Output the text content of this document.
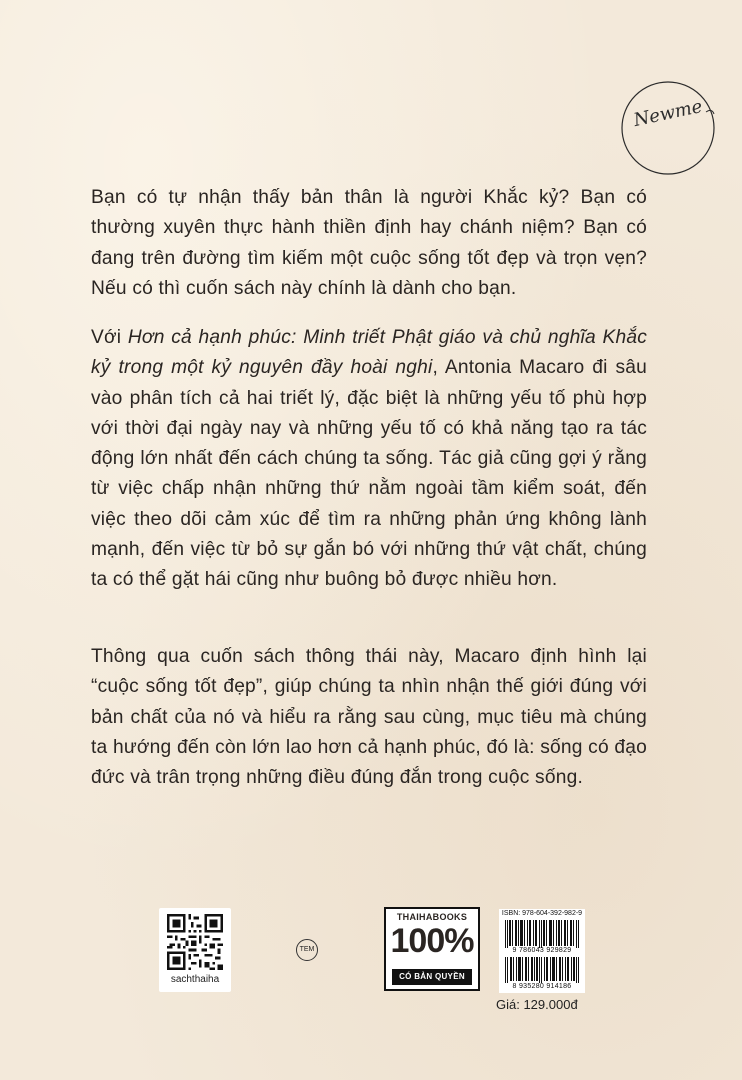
Newme

Bạn có tự nhận thấy bản thân là người Khắc kỷ? Bạn có thường xuyên thực hành thiền định hay chánh niệm? Bạn có đang trên đường tìm kiếm một cuộc sống tốt đẹp và trọn vẹn? Nếu có thì cuốn sách này chính là dành cho bạn.

Với Hơn cả hạnh phúc: Minh triết Phật giáo và chủ nghĩa Khắc kỷ trong một kỷ nguyên đầy hoài nghi, Antonia Macaro đi sâu vào phân tích cả hai triết lý, đặc biệt là những yếu tố phù hợp với thời đại ngày nay và những yếu tố có khả năng tạo ra tác động lớn nhất đến cách chúng ta sống. Tác giả cũng gợi ý rằng từ việc chấp nhận những thứ nằm ngoài tầm kiểm soát, đến việc theo dõi cảm xúc để tìm ra những phản ứng không lành mạnh, đến việc từ bỏ sự gắn bó với những thứ vật chất, chúng ta có thể gặt hái cũng như buông bỏ được nhiều hơn.

Thông qua cuốn sách thông thái này, Macaro định hình lại “cuộc sống tốt đẹp”, giúp chúng ta nhìn nhận thế giới đúng với bản chất của nó và hiểu ra rằng sau cùng, mục tiêu mà chúng ta hướng đến còn lớn lao hơn cả hạnh phúc, đó là: sống có đạo đức và trân trọng những điều đúng đắn trong cuộc sống.

sachthaiha
TEM
THAIHABOOKS
100%
CÓ BẢN QUYỀN
ISBN: 978-604-392-982-9
9 786043 929829
8 935280 914186
Giá: 129.000đ
